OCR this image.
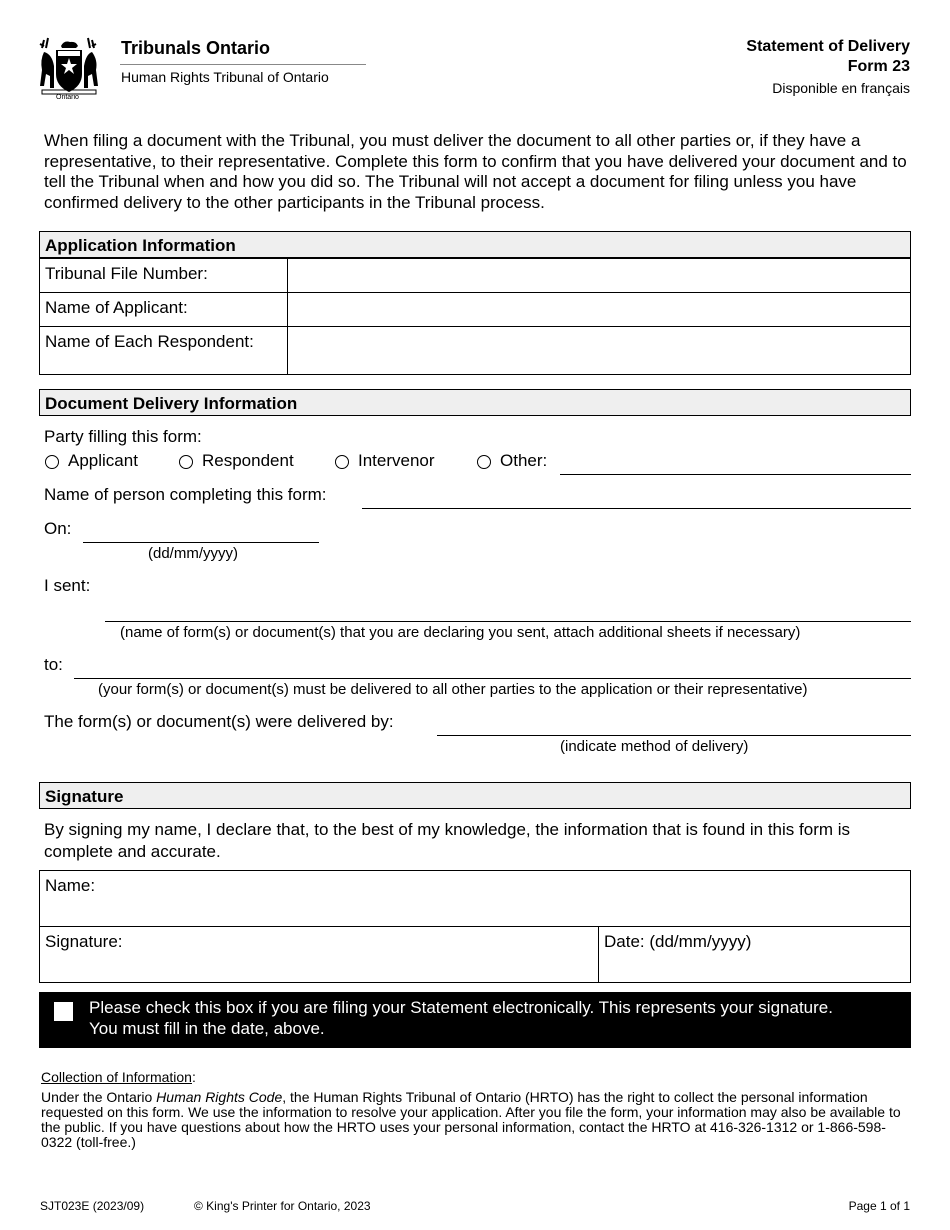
Ontario
Tribunals Ontario
Human Rights Tribunal of Ontario
Statement of Delivery
Form 23
Disponible en français
When filing a document with the Tribunal, you must deliver the document to all other parties or, if they have a representative, to their representative. Complete this form to confirm that you have delivered your document and to tell the Tribunal when and how you did so. The Tribunal will not accept a document for filing unless you have confirmed delivery to the other participants in the Tribunal process.
Application Information
Tribunal File Number:
Name of Applicant:
Name of Each Respondent:
Document Delivery Information
Party filling this form:
Applicant	Respondent	Intervenor	Other:
Name of person completing this form:
On:
(dd/mm/yyyy)
I sent:
(name of form(s) or document(s) that you are declaring you sent, attach additional sheets if necessary)
to:
(your form(s) or document(s) must be delivered to all other parties to the application or their representative)
The form(s) or document(s) were delivered by:
(indicate method of delivery)
Signature
By signing my name, I declare that, to the best of my knowledge, the information that is found in this form is complete and accurate.
Name:
Signature:	Date: (dd/mm/yyyy)
Please check this box if you are filing your Statement electronically. This represents your signature.
You must fill in the date, above.
Collection of Information:
Under the Ontario Human Rights Code, the Human Rights Tribunal of Ontario (HRTO) has the right to collect the personal information requested on this form. We use the information to resolve your application. After you file the form, your information may also be available to the public. If you have questions about how the HRTO uses your personal information, contact the HRTO at 416-326-1312 or 1-866-598-0322 (toll-free.)
SJT023E (2023/09)	© King's Printer for Ontario, 2023	Page 1 of 1
